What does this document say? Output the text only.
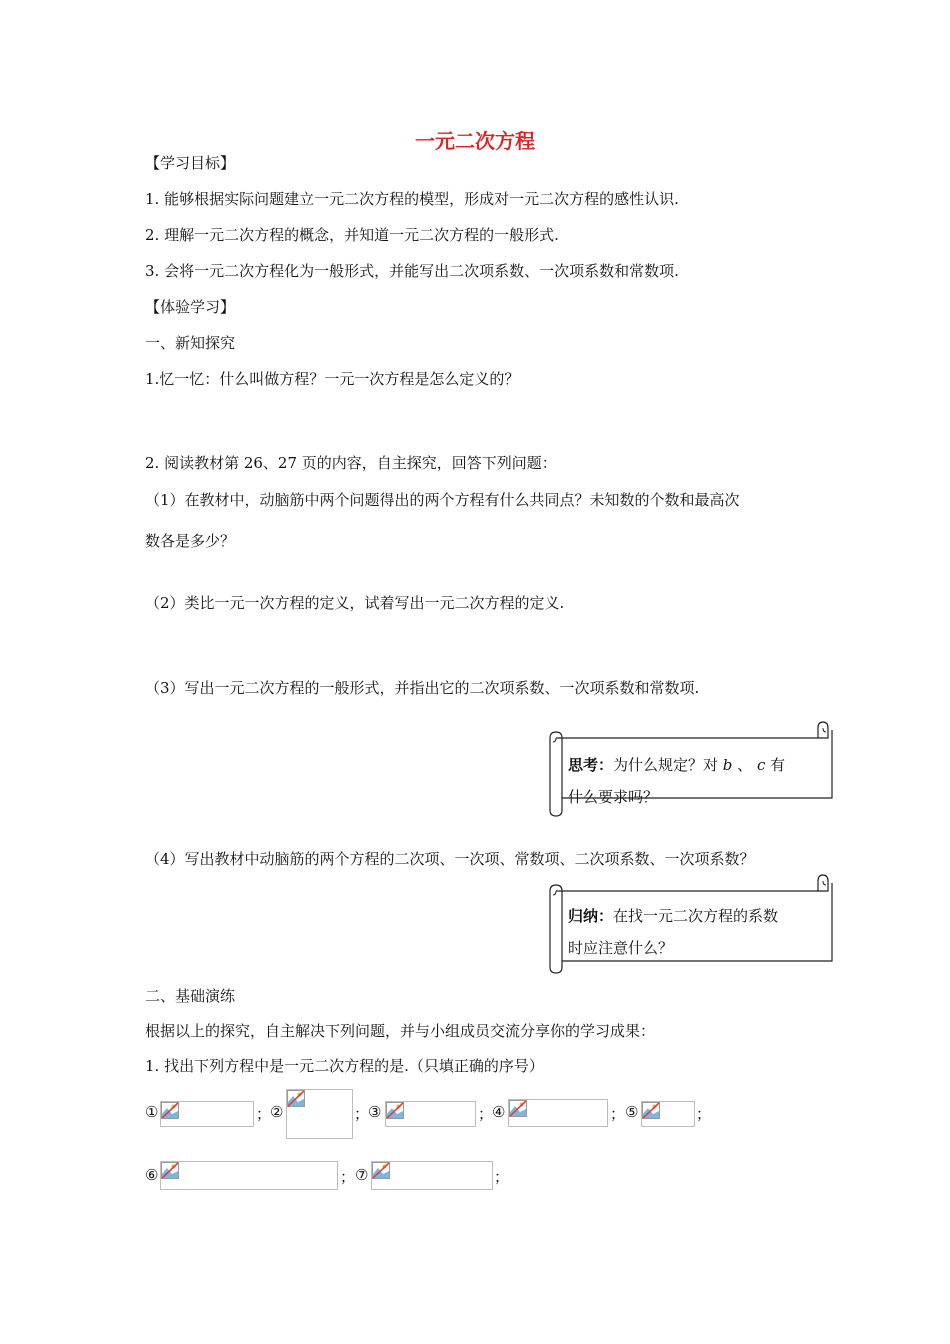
一元二次方程
【学习目标】
1. 能够根据实际问题建立一元二次方程的模型，形成对一元二次方程的感性认识.
2. 理解一元二次方程的概念，并知道一元二次方程的一般形式.
3. 会将一元二次方程化为一般形式，并能写出二次项系数、一次项系数和常数项.
【体验学习】
一、新知探究
1.忆一忆：什么叫做方程？一元一次方程是怎么定义的？
2. 阅读教材第 26、27 页的内容，自主探究，回答下列问题：
（1）在教材中，动脑筋中两个问题得出的两个方程有什么共同点？未知数的个数和最高次
数各是多少？
（2）类比一元一次方程的定义，试着写出一元二次方程的定义.
（3）写出一元二次方程的一般形式，并指出它的二次项系数、一次项系数和常数项.
思考：为什么规定？对 b 、 c 有
什么要求吗？
（4）写出教材中动脑筋的两个方程的二次项、一次项、常数项、二次项系数、一次项系数？
归纳：在找一元二次方程的系数
时应注意什么？
二、基础演练
根据以上的探究，自主解决下列问题，并与小组成员交流分享你的学习成果：
1. 找出下列方程中是一元二次方程的是.（只填正确的序号）
①	；
②	；
③	；
④	； ⑤	；
⑥	； ⑦	；
